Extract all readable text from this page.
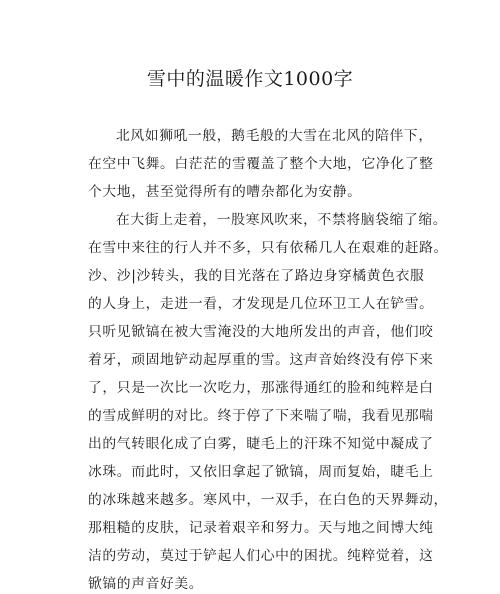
雪中的温暖作文1000字
北风如狮吼一般，鹅毛般的大雪在北风的陪伴下，
在空中飞舞。白茫茫的雪覆盖了整个大地，它净化了整
个大地，甚至觉得所有的嘈杂都化为安静。
在大街上走着，一股寒风吹来，不禁将脑袋缩了缩。
在雪中来往的行人并不多，只有依稀几人在艰难的赶路。
沙、沙|沙转头，我的目光落在了路边身穿橘黄色衣服
的人身上，走进一看，才发现是几位环卫工人在铲雪。
只听见锨镐在被大雪淹没的大地所发出的声音，他们咬
着牙，顽固地铲动起厚重的雪。这声音始终没有停下来
了，只是一次比一次吃力，那涨得通红的脸和纯粹是白
的雪成鲜明的对比。终于停了下来喘了喘，我看见那喘
出的气转眼化成了白雾，睫毛上的汗珠不知觉中凝成了
冰珠。而此时，又依旧拿起了锨镐，周而复始，睫毛上
的冰珠越来越多。寒风中，一双手，在白色的天界舞动，
那粗糙的皮肤，记录着艰辛和努力。天与地之间博大纯
洁的劳动，莫过于铲起人们心中的困扰。纯粹觉着，这
锨镐的声音好美。
